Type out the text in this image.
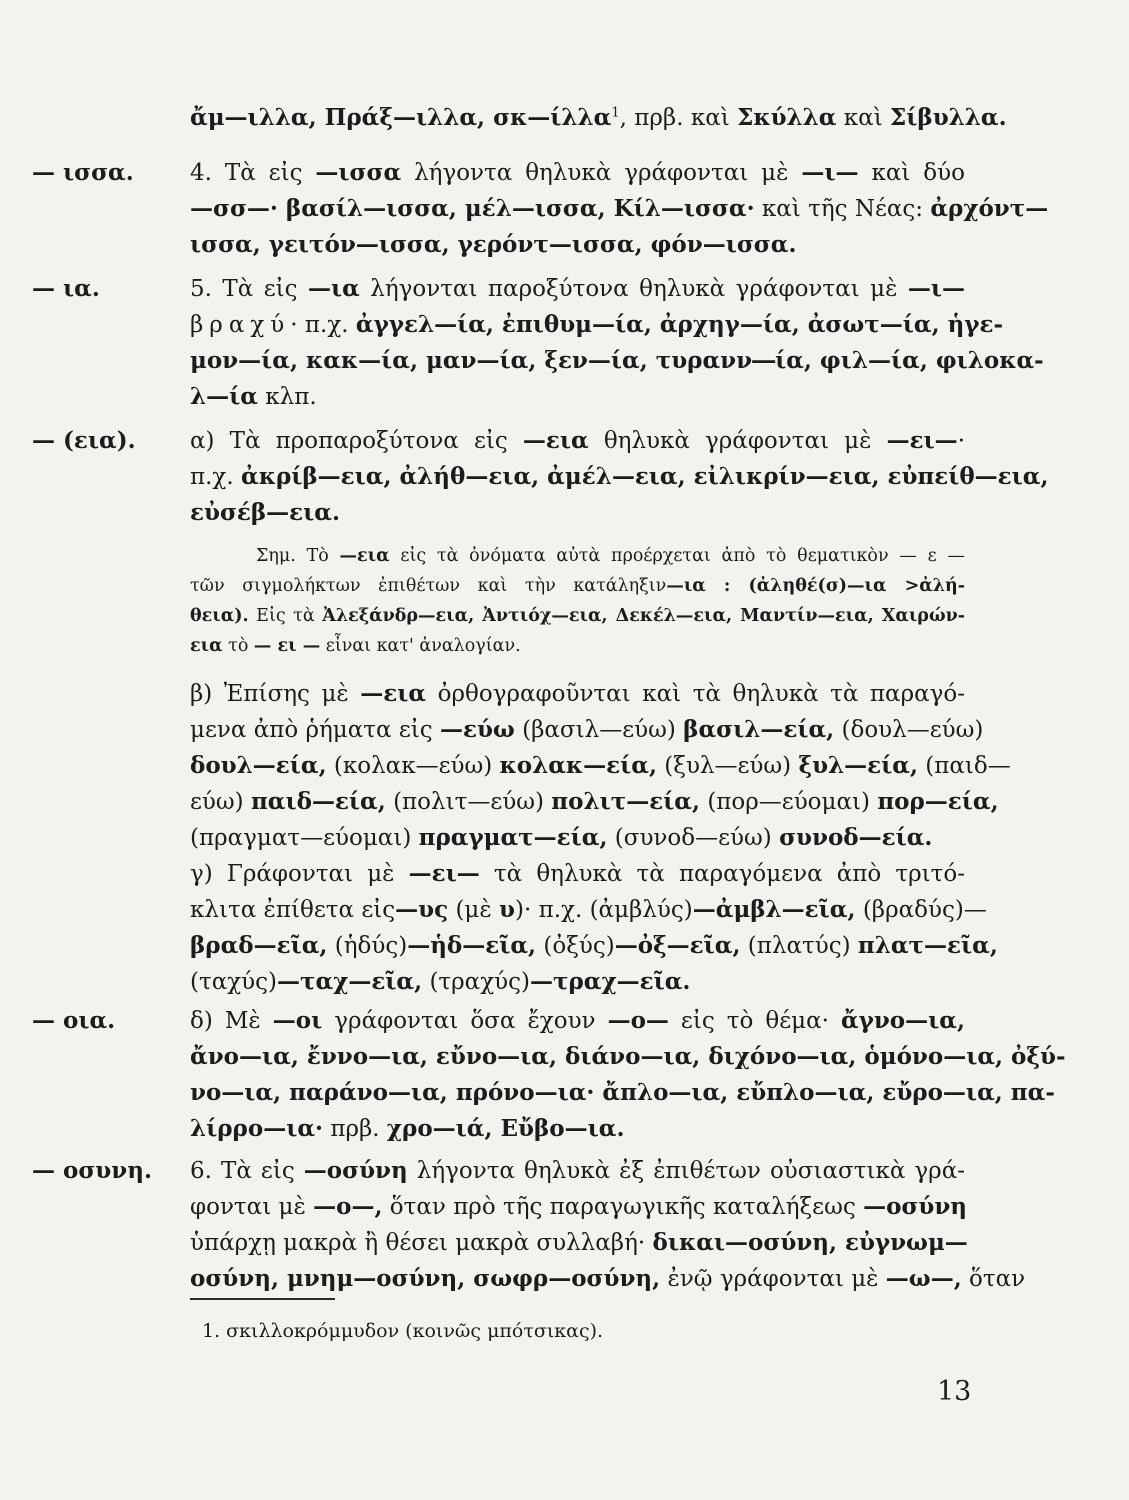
ἄμ—ιλλα, Πράξ—ιλλα, σκ—ίλλα$^1$, πρβ. καὶ Σκύλλα καὶ Σίβυλλα.
— ισσα.	4. Τὰ εἰς —ισσα λήγοντα θηλυκὰ γράφονται μὲ —ι— καὶ δύο
—σσ—· βασίλ—ισσα, μέλ—ισσα, Κίλ—ισσα· καὶ τῆς Νέας: ἀρχόντ—
ισσα, γειτόν—ισσα, γερόντ—ισσα, φόν—ισσα.
— ια.	5. Τὰ εἰς —ια λήγονται παροξύτονα θηλυκὰ γράφονται μὲ —ι—
βραχύ· π.χ. ἀγγελ—ία, ἐπιθυμ—ία, ἀρχηγ—ία, ἀσωτ—ία, ἡγε-
μον—ία, κακ—ία, μαν—ία, ξεν—ία, τυρανν―ία, φιλ—ία, φιλοκα-
λ—ία κλπ.
— (εια).	α) Τὰ προπαροξύτονα εἰς —εια θηλυκὰ γράφονται μὲ —ει—·
π.χ. ἀκρίβ—εια, ἀλήθ—εια, ἀμέλ—εια, εἰλικρίν—εια, εὐπείθ—εια,
εὐσέβ—εια.
Σημ. Τὸ —εια εἰς τὰ ὀνόματα αὐτὰ προέρχεται ἀπὸ τὸ θεματικὸν — ε —
τῶν σιγμολήκτων ἐπιθέτων καὶ τὴν κατάληξιν—ια : (ἀληθέ(σ)—ια >ἀλή-
θεια). Εἰς τὰ Ἀλεξάνδρ—εια, Ἀντιόχ—εια, Δεκέλ—εια, Μαντίν—εια, Χαιρών-
εια τὸ — ει — εἶναι κατ' ἀναλογίαν.
β) Ἐπίσης μὲ —εια ὀρθογραφοῦνται καὶ τὰ θηλυκὰ τὰ παραγό-
μενα ἀπὸ ῥήματα εἰς —εύω (βασιλ—εύω) βασιλ—εία, (δουλ—εύω)
δουλ—εία, (κολακ—εύω) κολακ—εία, (ξυλ—εύω) ξυλ—εία, (παιδ—
εύω) παιδ—εία, (πολιτ—εύω) πολιτ—εία, (πορ—εύομαι) πορ—εία,
(πραγματ—εύομαι) πραγματ—εία, (συνοδ—εύω) συνοδ—εία.
γ) Γράφονται μὲ —ει— τὰ θηλυκὰ τὰ παραγόμενα ἀπὸ τριτό-
κλιτα ἐπίθετα εἰς—υς (μὲ υ)· π.χ. (ἀμβλύς)—ἀμβλ—εῖα, (βραδύς)—
βραδ—εῖα, (ἡδύς)—ἡδ—εῖα, (ὀξύς)—ὀξ—εῖα, (πλατύς) πλατ—εῖα,
(ταχύς)—ταχ—εῖα, (τραχύς)—τραχ—εῖα.
— οια.	δ) Μὲ —οι γράφονται ὅσα ἔχουν —ο— εἰς τὸ θέμα· ἄγνο—ια,
ἄνο—ια, ἔννο—ια, εὔνο—ια, διάνο—ια, διχόνο—ια, ὁμόνο—ια, ὀξύ-
νο—ια, παράνο—ια, πρόνο—ια· ἄπλο—ια, εὔπλο—ια, εὔρο—ια, πα-
λίρρο—ια· πρβ. χρο—ιά, Εὔβο—ια.
— οσυνη.	6. Τὰ εἰς —οσύνη λήγοντα θηλυκὰ ἐξ ἐπιθέτων οὐσιαστικὰ γρά-
φονται μὲ —ο—, ὅταν πρὸ τῆς παραγωγικῆς καταλήξεως —οσύνη
ὑπάρχῃ μακρὰ ἢ θέσει μακρὰ συλλαβή· δικαι—οσύνη, εὐγνωμ—
οσύνη, μνημ—οσύνη, σωφρ—οσύνη, ἐνῷ γράφονται μὲ —ω—, ὅταν
1. σκιλλοκρόμμυδον (κοινῶς μπότσικας).
13
